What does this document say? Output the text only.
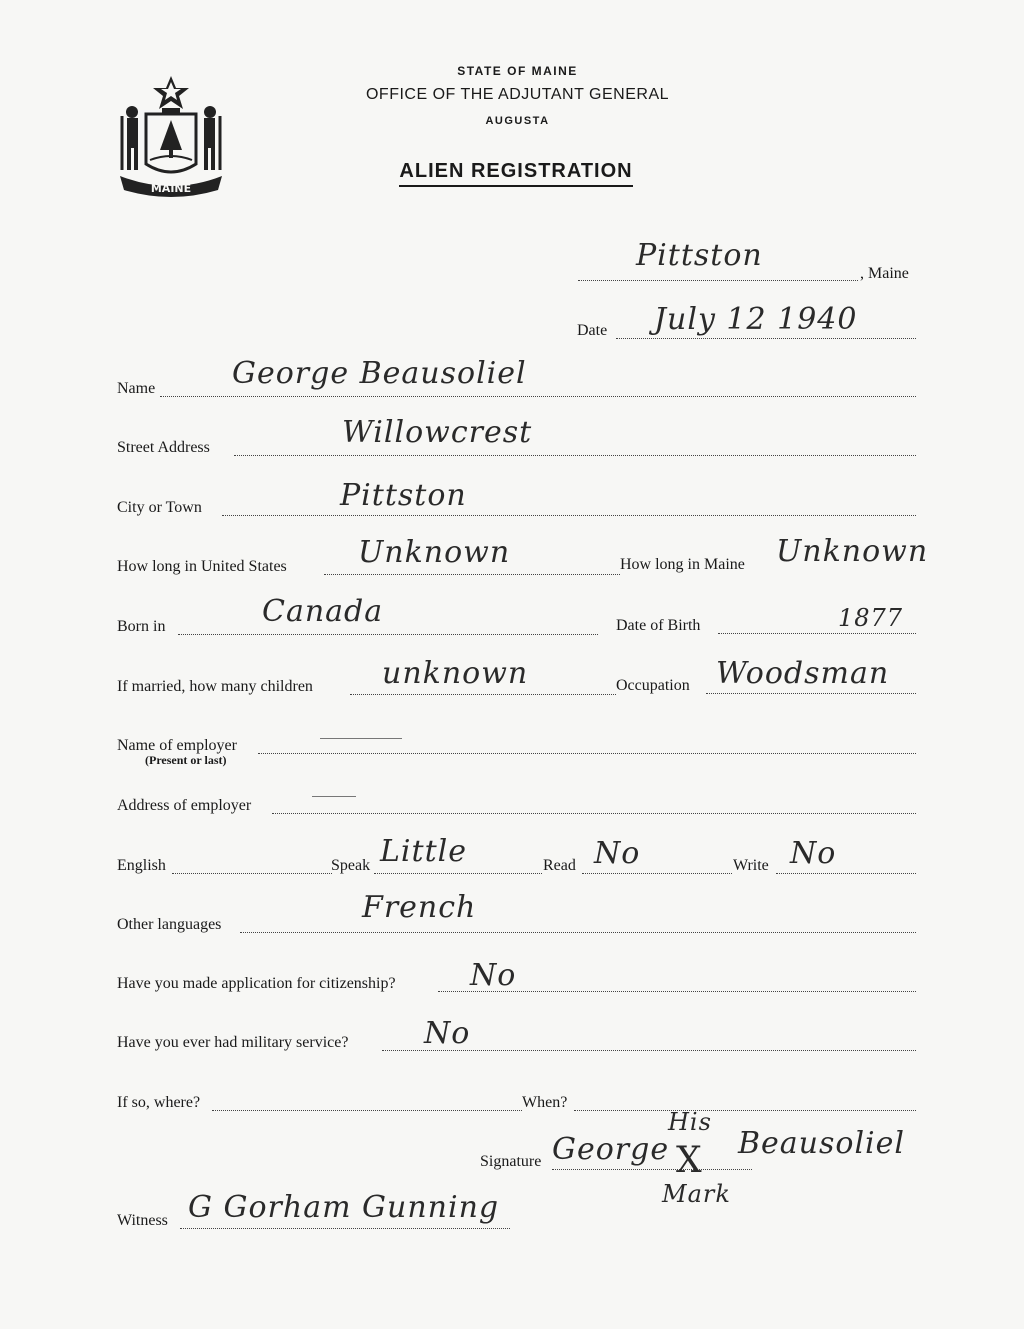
MAINE
STATE OF MAINE
OFFICE OF THE ADJUTANT GENERAL
AUGUSTA
ALIEN REGISTRATION
Pittston
, Maine
Date July 12 1940
Name	George Beausoliel
Street Address	Willowcrest
City or Town	Pittston
How long in United States Unknown	How long in Maine Unknown
Born in	Canada	Date of Birth	1877
If married, how many children unknown	Occupation Woodsman
Name of employer
(Present or last)
Address of employer
English	Speak Little	Read No	Write No
Other languages	French
Have you made application for citizenship? No
Have you ever had military service?	No
If so, where?	When?
Signature
His
George X Beausoliel
Mark
Witness G Gorham Gunning
